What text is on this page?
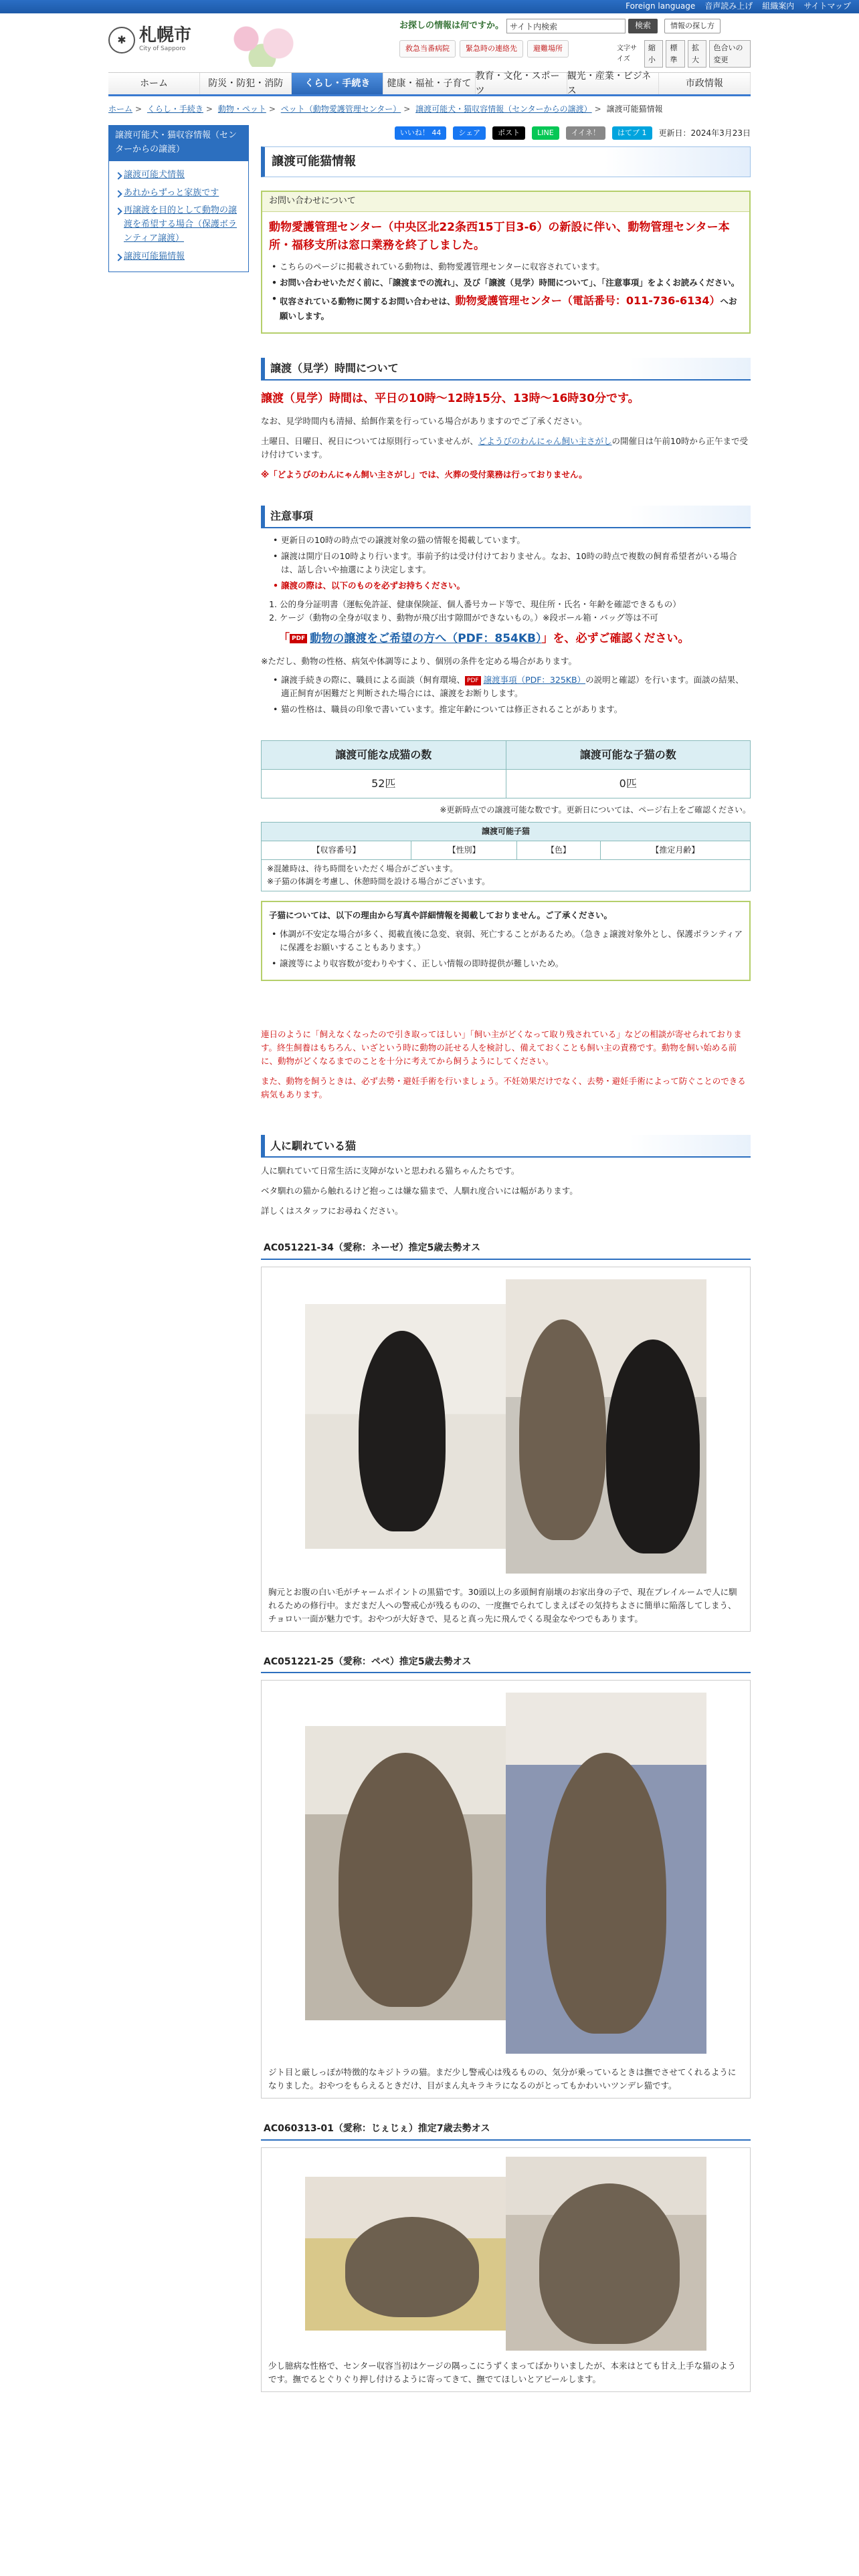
Foreign language 音声読み上げ 組織案内 サイトマップ
✱ 札幌市
City of Sapporo
お探しの情報は何ですか。 サイト内検索	検索	情報の探し方
救急当番病院	緊急時の連絡先	避難場所	文字サイズ
縮小
標準
拡大
色合いの変更
ホーム	防災・防犯・消防	くらし・手続き	健康・福祉・子育て
教育・文化・スポーツ
観光・産業・ビジネス
市政情報
ホーム > くらし・手続き > 動物・ペット > ペット（動物愛護管理センター） > 譲渡可能犬・猫収容情報（センターからの譲渡） > 譲渡可能猫情報
譲渡可能犬・猫収容情報（センターからの譲渡）
譲渡可能犬情報
あれからずっと家族です
再譲渡を目的として動物の譲渡を希望する場合（保護ボランティア譲渡）
譲渡可能猫情報
いいね！ 44	シェア	ポスト	LINE	イイネ！	はてブ 1	更新日：2024年3月23日
譲渡可能猫情報
お問い合わせについて
動物愛護管理センター（中央区北22条西15丁目3-6）の新設に伴い、動物管理センター本所・福移支所は窓口業務を終了しました。
• こちらのページに掲載されている動物は、動物愛護管理センターに収容されています。
• お問い合わせいただく前に、「譲渡までの流れ」、及び「譲渡（見学）時間について」、「注意事項」をよくお読みください。
• 収容されている動物に関するお問い合わせは、動物愛護管理センター（電話番号：011-736-6134）へお願いします。
譲渡（見学）時間について
譲渡（見学）時間は、平日の10時～12時15分、13時～16時30分です。

なお、見学時間内も清掃、給餌作業を行っている場合がありますのでご了承ください。

土曜日、日曜日、祝日については原則行っていませんが、どようびのわんにゃん飼い主さがしの開催日は午前10時から正午まで受け付けています。

※「どようびのわんにゃん飼い主さがし」では、火葬の受付業務は行っておりません。

注意事項
• 更新日の10時の時点での譲渡対象の猫の情報を掲載しています。
• 譲渡は開庁日の10時より行います。事前予約は受け付けておりません。なお、10時の時点で複数の飼育希望者がいる場合は、話し合いや抽選により決定します。
• 譲渡の際は、以下のものを必ずお持ちください。
1. 公的身分証明書（運転免許証、健康保険証、個人番号カード等で、現住所・氏名・年齢を確認できるもの）
2. ケージ（動物の全身が収まり、動物が飛び出す隙間ができないもの。）※段ボール箱・バッグ等は不可
「 PDF 動物の譲渡をご希望の方へ（PDF：854KB）」を、必ずご確認ください。

※ただし、動物の性格、病気や体調等により、個別の条件を定める場合があります。

• 譲渡手続きの際に、職員による面談（飼育環境、 PDF 譲渡事項（PDF：325KB）の説明と確認）を行います。面談の結果、適正飼育が困難だと判断された場合には、譲渡をお断りします。
• 猫の性格は、職員の印象で書いています。推定年齢については修正されることがあります。
譲渡可能な成猫の数	譲渡可能な子猫の数
52匹	0匹
※更新時点での譲渡可能な数です。更新日については、ページ右上をご確認ください。
譲渡可能子猫
【収容番号】	【性別】	【色】	【推定月齢】
※混雑時は、待ち時間をいただく場合がございます。
※子猫の体調を考慮し、休憩時間を設ける場合がございます。
子猫については、以下の理由から写真や詳細情報を掲載しておりません。ご了承ください。
• 体調が不安定な場合が多く、掲載直後に急変、衰弱、死亡することがあるため。（急きょ譲渡対象外とし、保護ボランティアに保護をお願いすることもあります。）
• 譲渡等により収容数が変わりやすく、正しい情報の即時提供が難しいため。

連日のように「飼えなくなったので引き取ってほしい」「飼い主がどくなって取り残されている」などの相談が寄せられております。終生飼養はもちろん、いざという時に動物の託せる人を検討し、備えておくことも飼い主の責務です。動物を飼い始める前に、動物がどくなるまでのことを十分に考えてから飼うようにしてください。

また、動物を飼うときは、必ず去勢・避妊手術を行いましょう。不妊効果だけでなく、去勢・避妊手術によって防ぐことのできる病気もあります。

人に馴れている猫

人に馴れていて日常生活に支障がないと思われる猫ちゃんたちです。

ベタ馴れの猫から触れるけど抱っこは嫌な猫まで、人馴れ度合いには幅があります。

詳しくはスタッフにお尋ねください。

AC051221-34（愛称：ネーゼ）推定5歳去勢オス
胸元とお腹の白い毛がチャームポイントの黒猫です。30頭以上の多頭飼育崩壊のお家出身の子で、現在プレイルームで人に馴れるための修行中。まだまだ人への警戒心が残るものの、一度撫でられてしまえばその気持ちよさに簡単に陥落してしまう、チョロい一面が魅力です。おやつが大好きで、見ると真っ先に飛んでくる現金なやつでもあります。
AC051221-25（愛称：ペペ）推定5歳去勢オス
ジト目と厳しっぽが特徴的なキジトラの猫。まだ少し警戒心は残るものの、気分が乗っているときは撫でさせてくれるようになりました。おやつをもらえるときだけ、目がまん丸キラキラになるのがとってもかわいいツンデレ猫です。
AC060313-01（愛称：じぇじぇ）推定7歳去勢オス
少し臆病な性格で、センター収容当初はケージの隅っこにうずくまってばかりいましたが、本来はとても甘え上手な猫のようです。撫でるとぐりぐり押し付けるように寄ってきて、撫でてほしいとアピールします。
